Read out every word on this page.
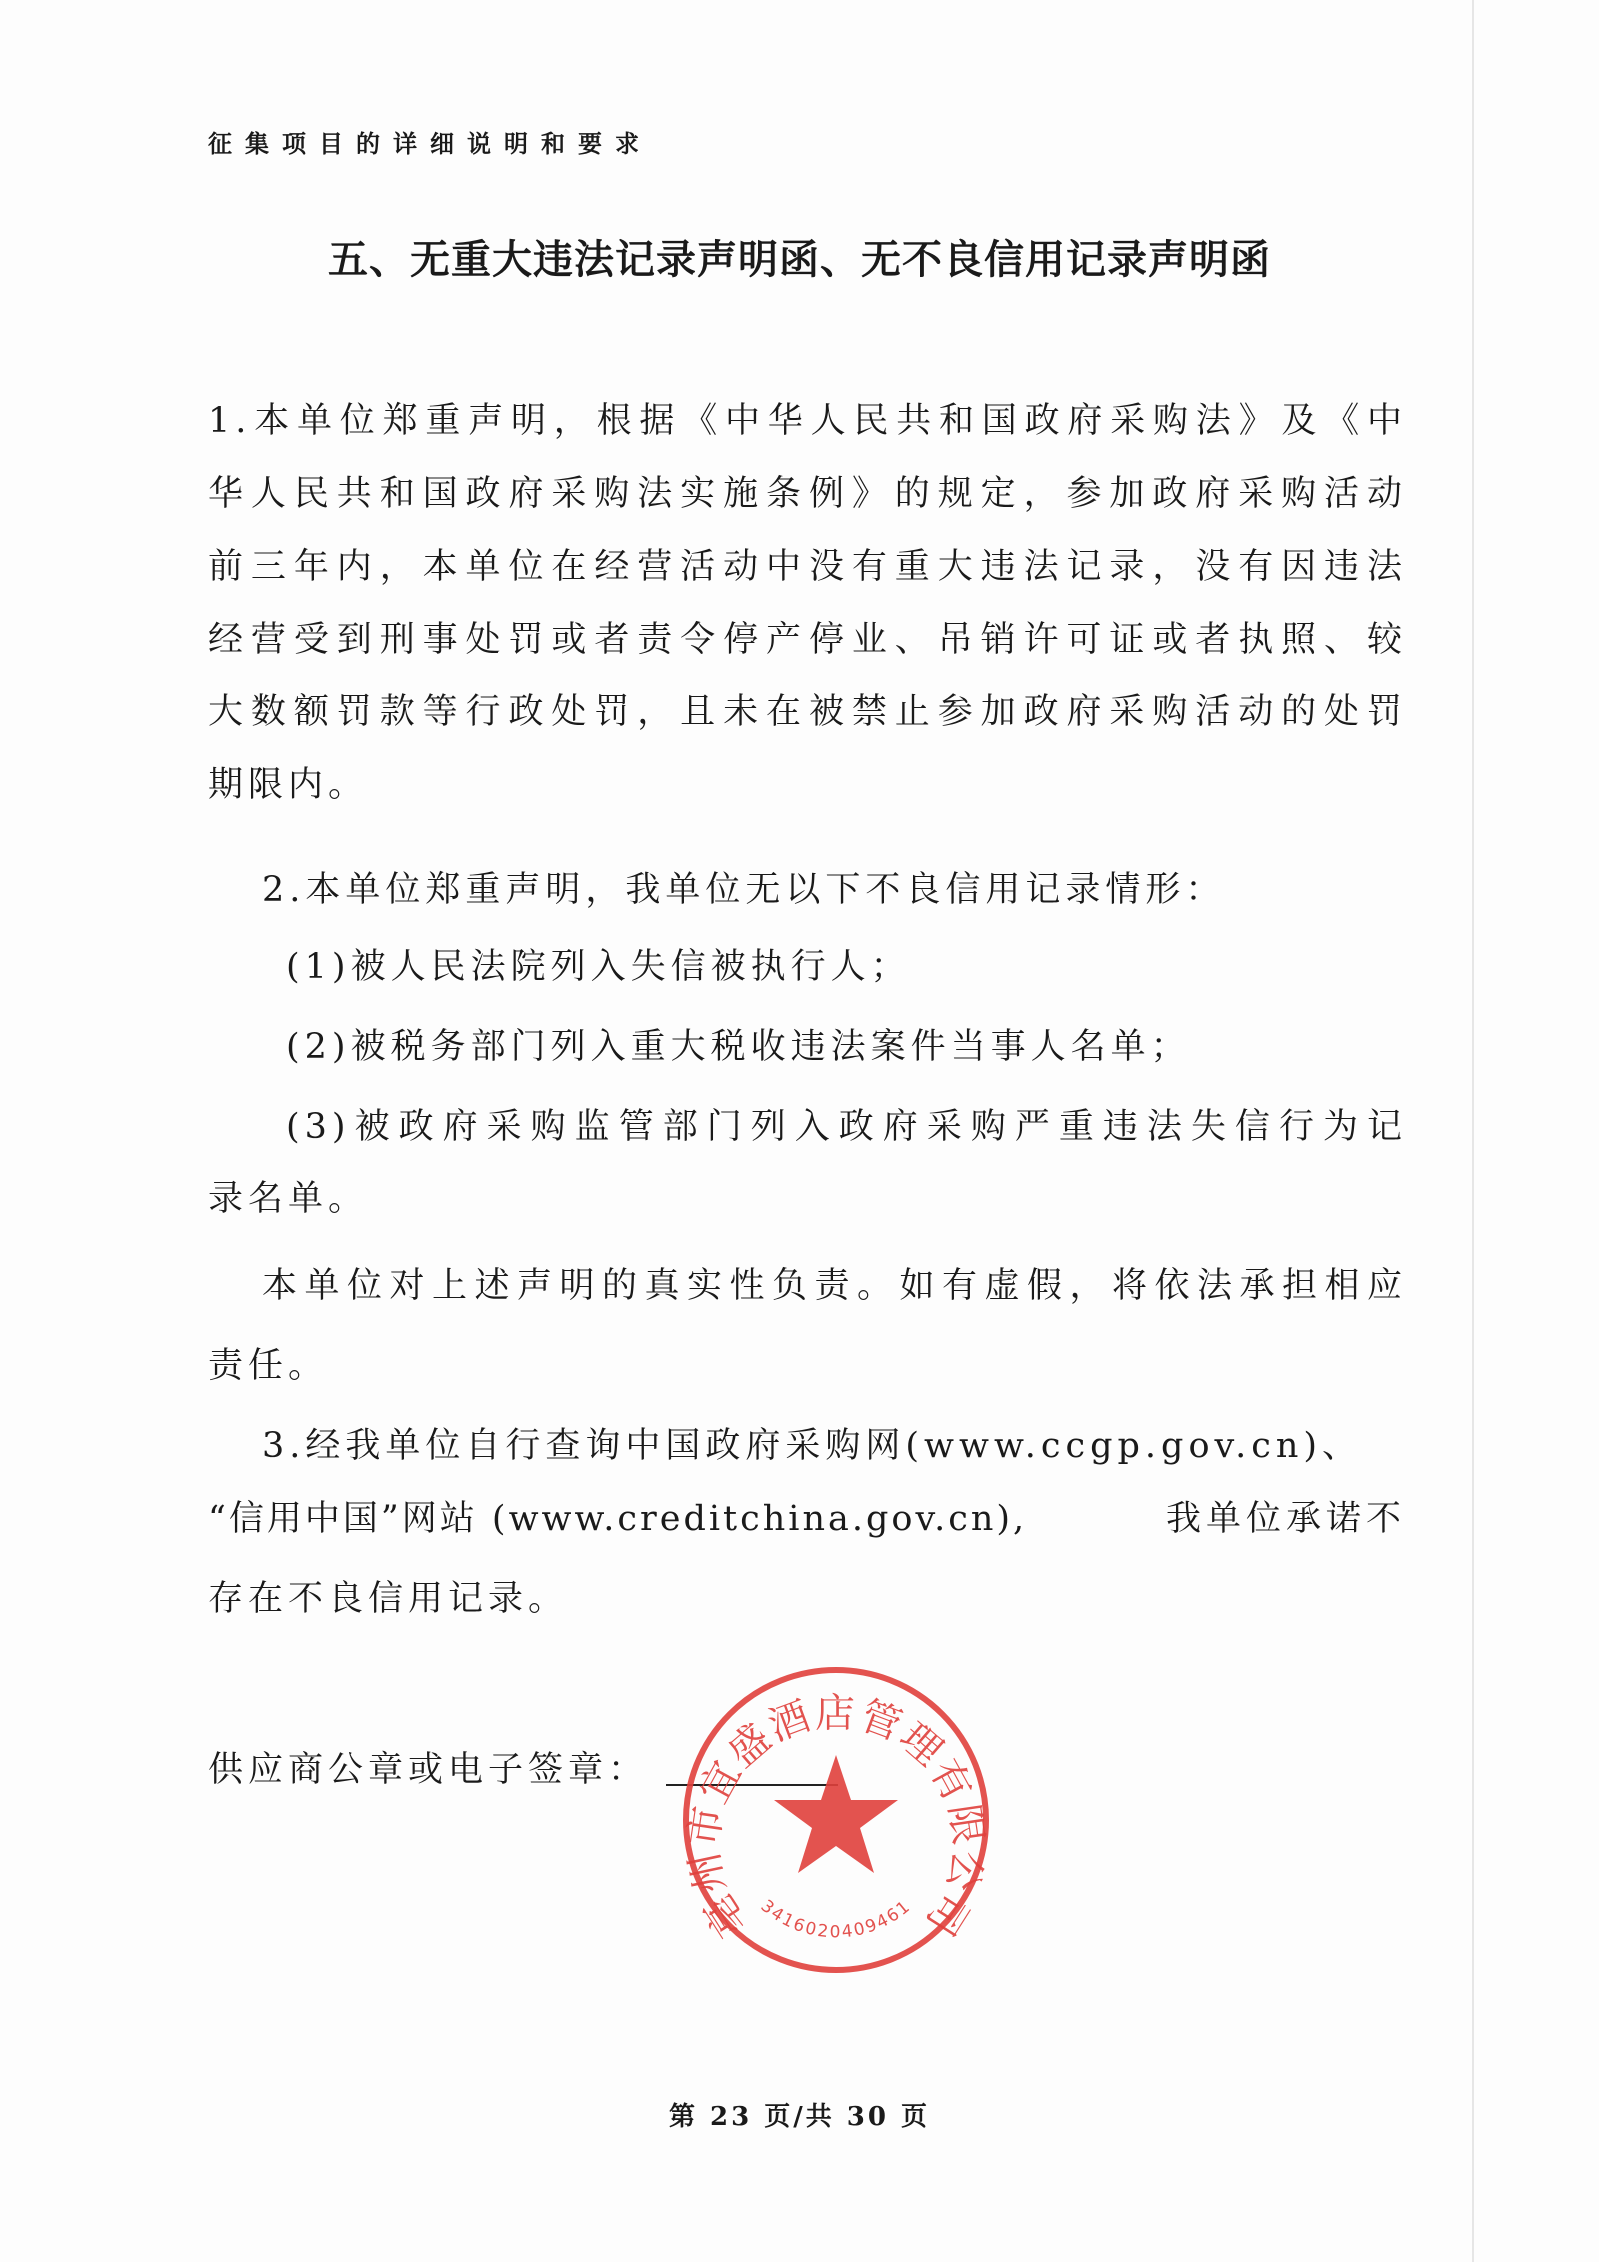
征集项目的详细说明和要求
五、无重大违法记录声明函、无不良信用记录声明函
1.本单位郑重声明，根据《中华人民共和国政府采购法》及《中
华人民共和国政府采购法实施条例》的规定，参加政府采购活动
前三年内，本单位在经营活动中没有重大违法记录，没有因违法
经营受到刑事处罚或者责令停产停业、吊销许可证或者执照、较
大数额罚款等行政处罚，且未在被禁止参加政府采购活动的处罚
期限内。
2.本单位郑重声明，我单位无以下不良信用记录情形：
(1)被人民法院列入失信被执行人；
(2)被税务部门列入重大税收违法案件当事人名单；
(3)被政府采购监管部门列入政府采购严重违法失信行为记
录名单。
本单位对上述声明的真实性负责。如有虚假，将依法承担相应
责任。
3.经我单位自行查询中国政府采购网(www.ccgp.gov.cn)、
“信用中国”网站 (www.creditchina.gov.cn),	我单位承诺不
存在不良信用记录。
供应商公章或电子签章：
亳州市宜盛酒店管理有限公司
3416020409461
第 23 页/共 30 页
